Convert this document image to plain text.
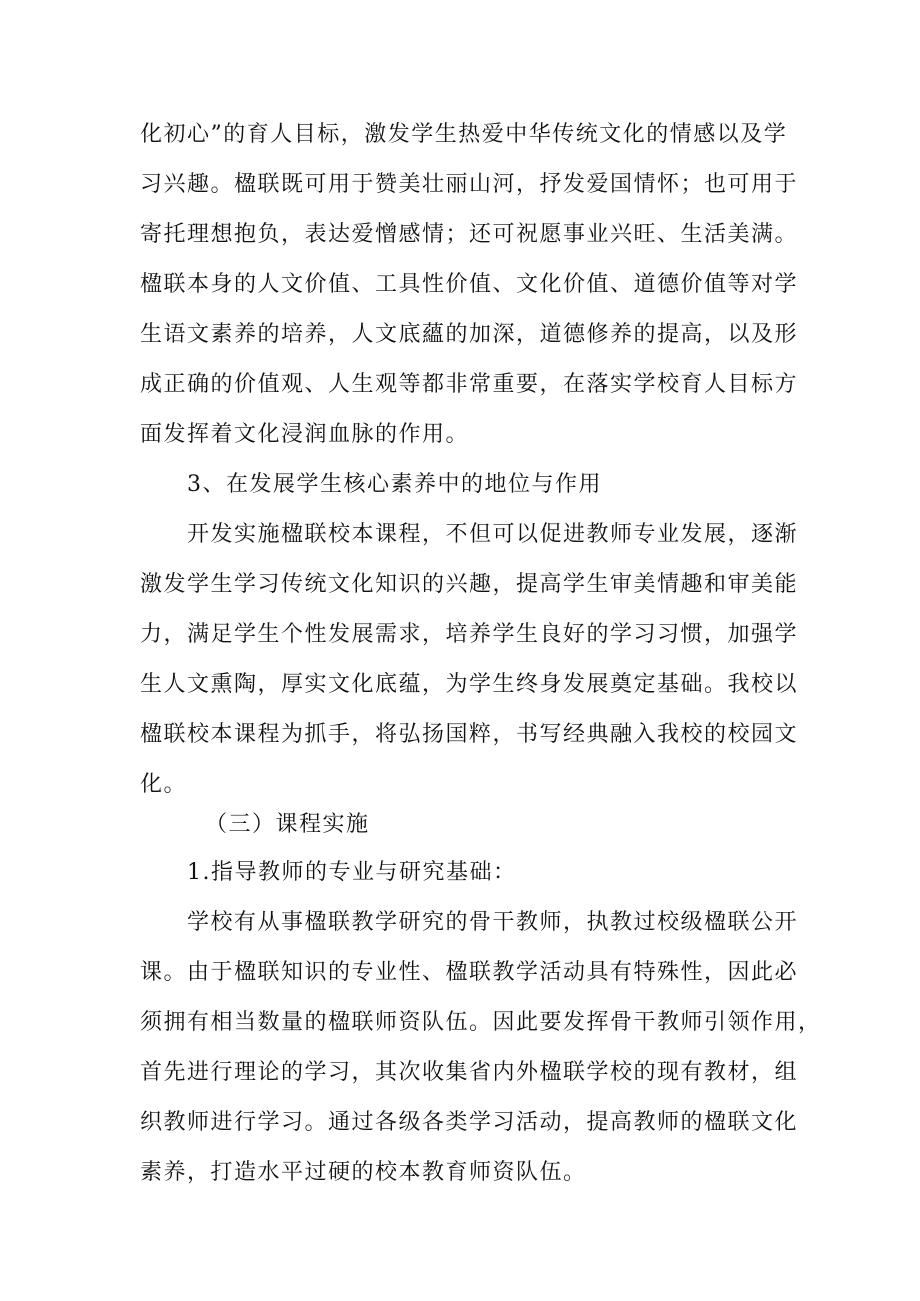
化初心”的育人目标，激发学生热爱中华传统文化的情感以及学
习兴趣。楹联既可用于赞美壮丽山河，抒发爱国情怀；也可用于
寄托理想抱负，表达爱憎感情；还可祝愿事业兴旺、生活美满。
楹联本身的人文价值、工具性价值、文化价值、道德价值等对学
生语文素养的培养，人文底蘊的加深，道德修养的提高，以及形
成正确的价值观、人生观等都非常重要，在落实学校育人目标方
面发挥着文化浸润血脉的作用。
3、在发展学生核心素养中的地位与作用
开发实施楹联校本课程，不但可以促进教师专业发展，逐渐
激发学生学习传统文化知识的兴趣，提高学生审美情趣和审美能
力，满足学生个性发展需求，培养学生良好的学习习惯，加强学
生人文熏陶，厚实文化底蕴，为学生终身发展奠定基础。我校以
楹联校本课程为抓手，将弘扬国粹，书写经典融入我校的校园文
化。
（三）课程实施
1.指导教师的专业与研究基础：
学校有从事楹联教学研究的骨干教师，执教过校级楹联公开
课。由于楹联知识的专业性、楹联教学活动具有特殊性，因此必
须拥有相当数量的楹联师资队伍。因此要发挥骨干教师引领作用，
首先进行理论的学习，其次收集省内外楹联学校的现有教材，组
织教师进行学习。通过各级各类学习活动，提高教师的楹联文化
素养，打造水平过硬的校本教育师资队伍。
